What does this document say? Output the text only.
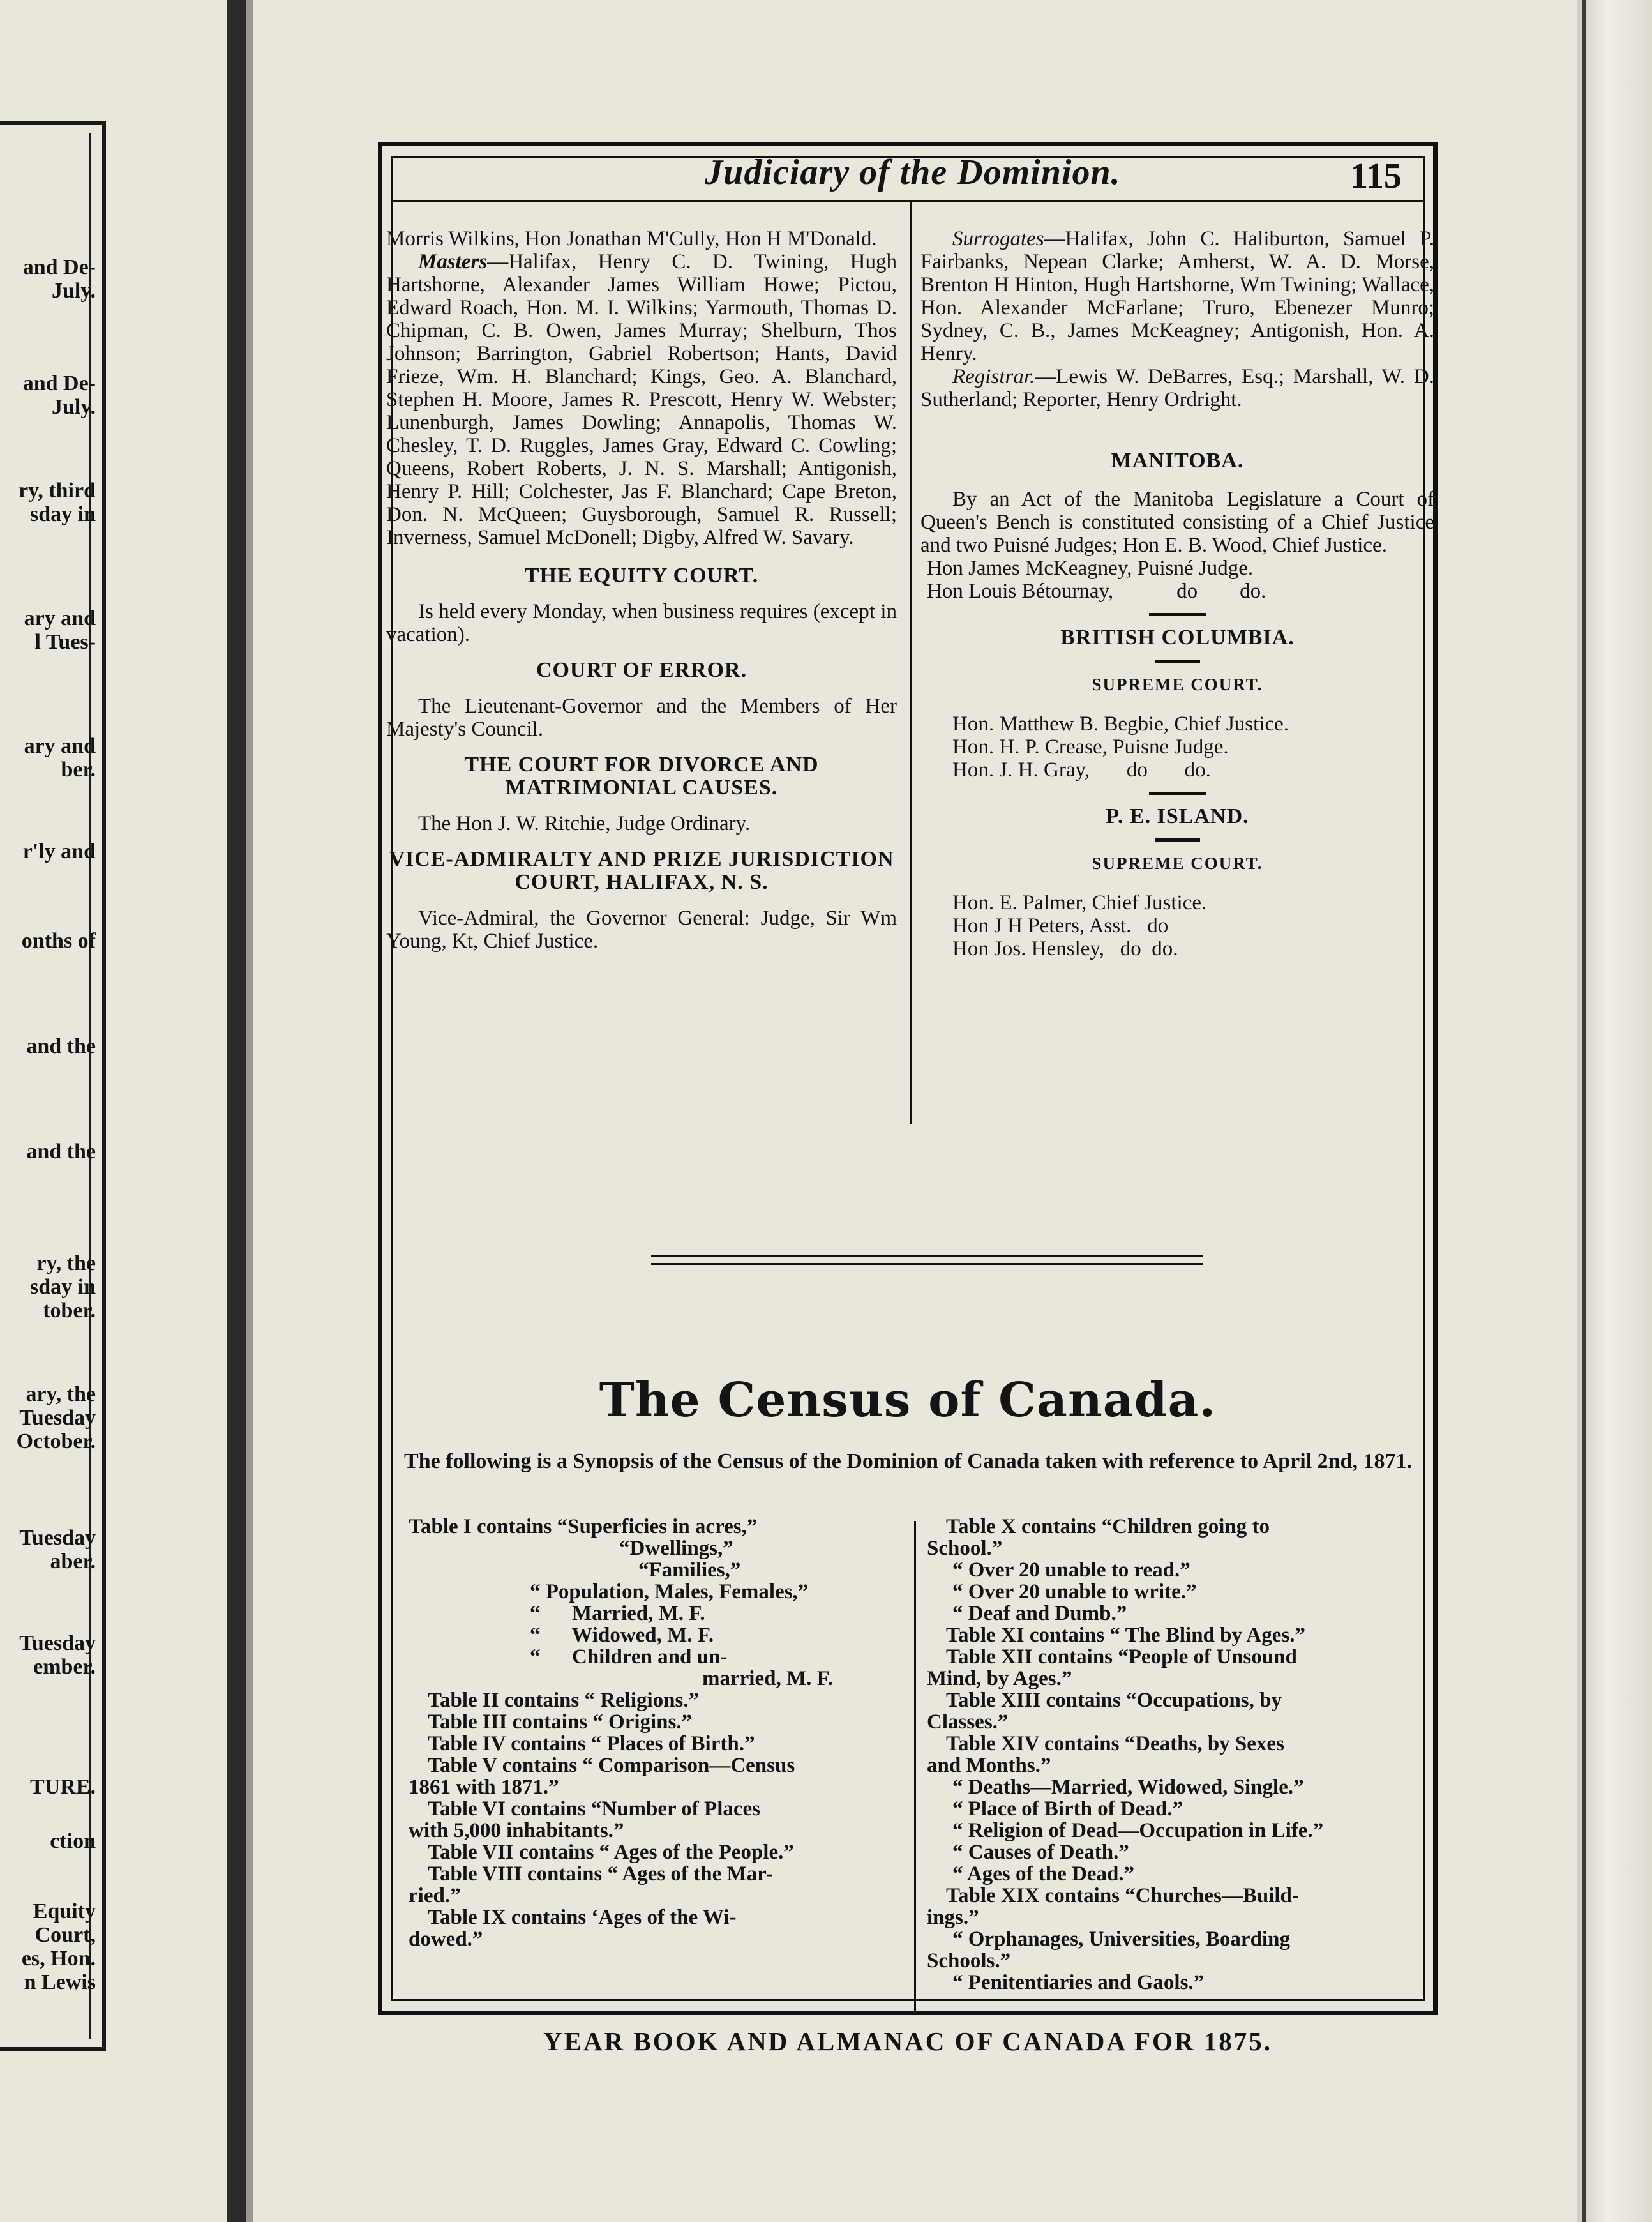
and De-
July.
and De-
July.
ry, third
sday in
ary and
l Tues-
ary and
ber.
r'ly and
onths of
and the
and the
ry, the
sday in
tober.
ary, the
Tuesday
October.
Tuesday
aber.
Tuesday
ember.
TURE.
ction
Equity
Court,
es, Hon.
n Lewis
Judiciary of the Dominion.	115

Morris Wilkins, Hon Jonathan M'Cully, Hon H M'Donald.

Masters—Halifax, Henry C. D. Twining, Hugh Hartshorne, Alexander James William Howe; Pictou, Edward Roach, Hon. M. I. Wilkins; Yarmouth, Thomas D. Chipman, C. B. Owen, James Murray; Shelburn, Thos Johnson; Barrington, Gabriel Robertson; Hants, David Frieze, Wm. H. Blanchard; Kings, Geo. A. Blanchard, Stephen H. Moore, James R. Prescott, Henry W. Webster; Lunenburgh, James Dowling; Annapolis, Thomas W. Chesley, T. D. Ruggles, James Gray, Edward C. Cowling; Queens, Robert Roberts, J. N. S. Marshall; Antigonish, Henry P. Hill; Colchester, Jas F. Blanchard; Cape Breton, Don. N. McQueen; Guysborough, Samuel R. Russell; Inverness, Samuel McDonell; Digby, Alfred W. Savary.

THE EQUITY COURT.

Is held every Monday, when business requires (except in vacation).

COURT OF ERROR.

The Lieutenant-Governor and the Members of Her Majesty's Council.

THE COURT FOR DIVORCE AND MATRIMONIAL CAUSES.

The Hon J. W. Ritchie, Judge Ordinary.

VICE-ADMIRALTY AND PRIZE JURISDICTION COURT, HALIFAX, N. S.

Vice-Admiral, the Governor General: Judge, Sir Wm Young, Kt, Chief Justice.

Surrogates—Halifax, John C. Haliburton, Samuel P. Fairbanks, Nepean Clarke; Amherst, W. A. D. Morse, Brenton H Hinton, Hugh Hartshorne, Wm Twining; Wallace, Hon. Alexander McFarlane; Truro, Ebenezer Munro; Sydney, C. B., James McKeagney; Antigonish, Hon. A. Henry.

Registrar.—Lewis W. DeBarres, Esq.; Marshall, W. D. Sutherland; Reporter, Henry Ordright.

MANITOBA.

By an Act of the Manitoba Legislature a Court of Queen's Bench is constituted consisting of a Chief Justice and two Puisné Judges; Hon E. B. Wood, Chief Justice.

Hon James McKeagney, Puisné Judge.

Hon Louis Bétournay,            do        do.

BRITISH COLUMBIA.

SUPREME COURT.

Hon. Matthew B. Begbie, Chief Justice.

Hon. H. P. Crease, Puisne Judge.

Hon. J. H. Gray,       do       do.

P. E. ISLAND.

SUPREME COURT.

Hon. E. Palmer, Chief Justice.

Hon J H Peters, Asst.   do

Hon Jos. Hensley,   do  do.

The Census of Canada.
The following is a Synopsis of the Census of the Dominion of Canada taken with reference to April 2nd, 1871.

Table I contains “Superficies in acres,”

“Dwellings,”

“Families,”

“ Population, Males, Females,”

“      Married, M. F.

“      Widowed, M. F.

“      Children and un-

married, M. F.

Table II contains “ Religions.”

Table III contains “ Origins.”

Table IV contains “ Places of Birth.”

Table V contains “ Comparison—Census

1861 with 1871.”

Table VI contains “Number of Places

with 5,000 inhabitants.”

Table VII contains “ Ages of the People.”

Table VIII contains “ Ages of the Mar-

ried.”

Table IX contains ‘Ages of the Wi-

dowed.”

Table X contains “Children going to

School.”

“ Over 20 unable to read.”

“ Over 20 unable to write.”

“ Deaf and Dumb.”

Table XI contains “ The Blind by Ages.”

Table XII contains “People of Unsound

Mind, by Ages.”

Table XIII contains “Occupations, by

Classes.”

Table XIV contains “Deaths, by Sexes

and Months.”

“ Deaths—Married, Widowed, Single.”

“ Place of Birth of Dead.”

“ Religion of Dead—Occupation in Life.”

“ Causes of Death.”

“ Ages of the Dead.”

Table XIX contains “Churches—Build-

ings.”

“ Orphanages, Universities, Boarding

Schools.”

“ Penitentiaries and Gaols.”

YEAR BOOK AND ALMANAC OF CANADA FOR 1875.
